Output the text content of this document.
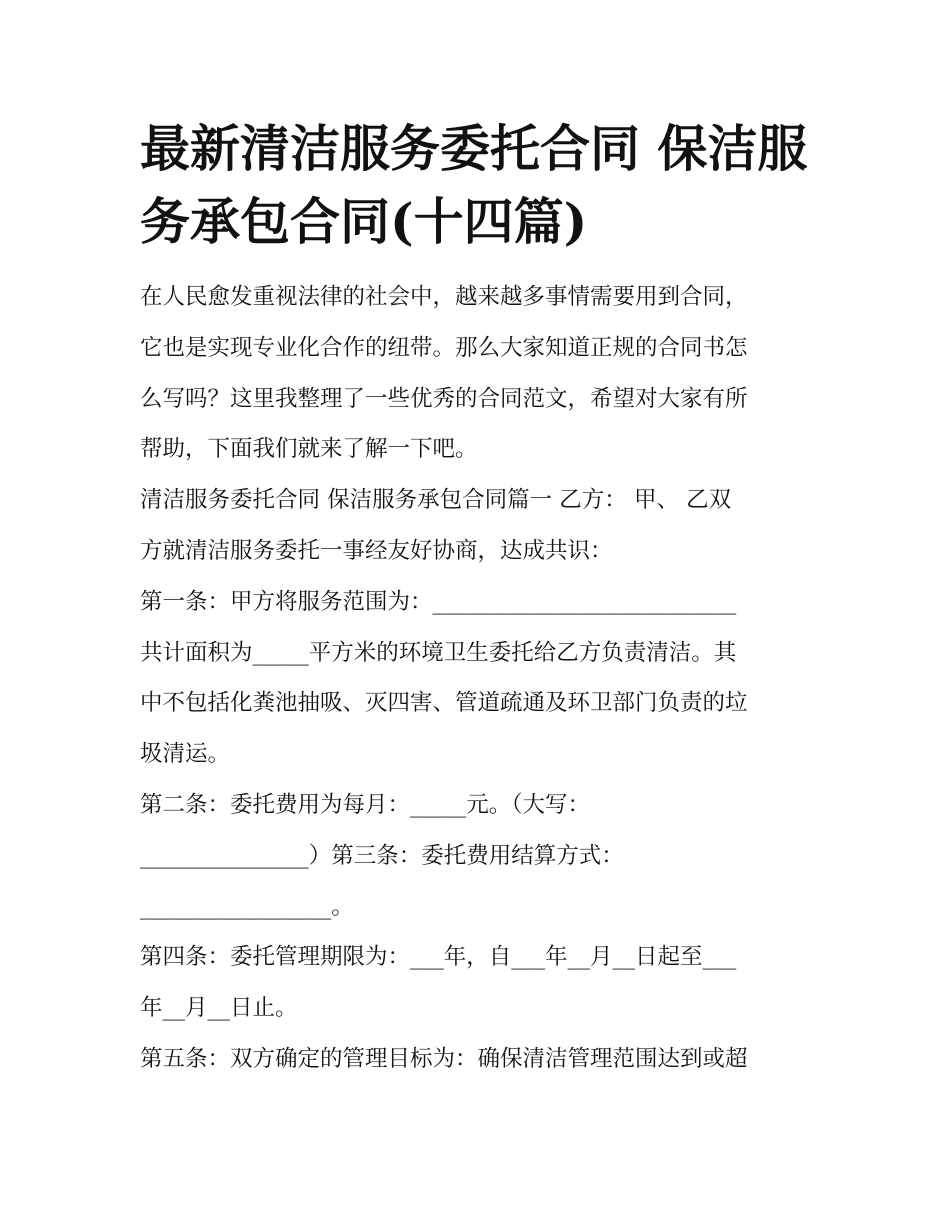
最新清洁服务委托合同 保洁服
务承包合同(十四篇)
在人民愈发重视法律的社会中，越来越多事情需要用到合同，
它也是实现专业化合作的纽带。那么大家知道正规的合同书怎
么写吗？这里我整理了一些优秀的合同范文，希望对大家有所
帮助，下面我们就来了解一下吧。
清洁服务委托合同 保洁服务承包合同篇一 乙方： 甲、 乙双
方就清洁服务委托一事经友好协商，达成共识：
第一条：甲方将服务范围为：___________________________
共计面积为_____平方米的环境卫生委托给乙方负责清洁。其
中不包括化粪池抽吸、灭四害、管道疏通及环卫部门负责的垃
圾清运。
第二条：委托费用为每月：_____元。（大写：
_______________）第三条：委托费用结算方式：
_________________。
第四条：委托管理期限为：___年，自___年__月__日起至___
年__月__日止。
第五条：双方确定的管理目标为：确保清洁管理范围达到或超
